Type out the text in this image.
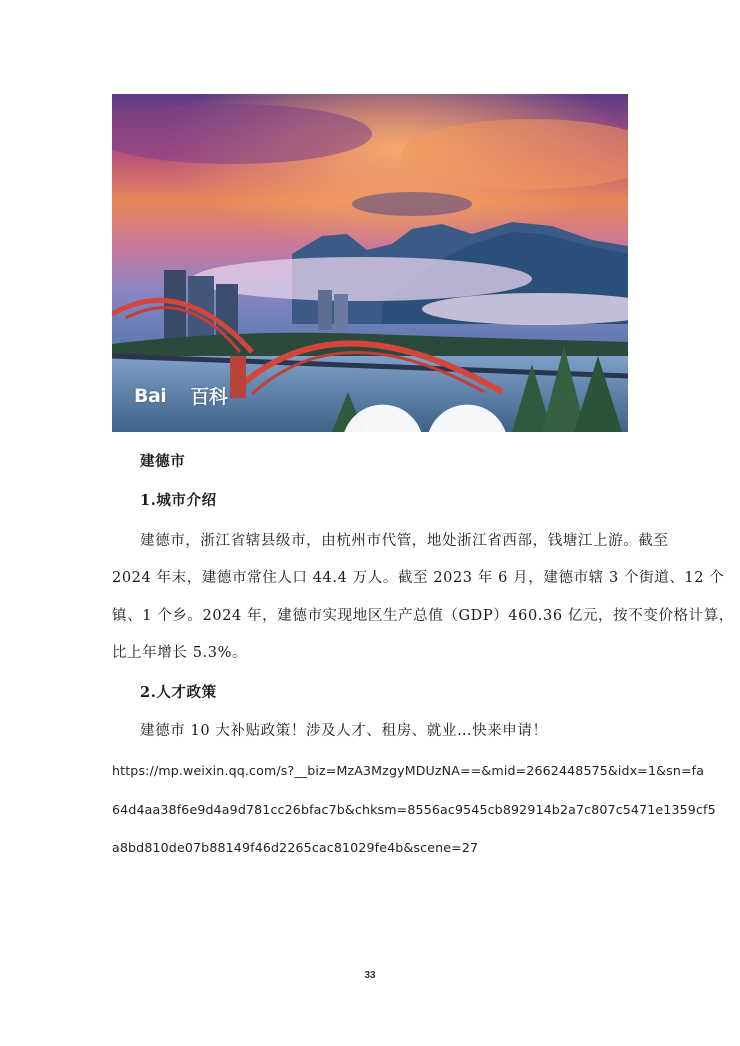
Bai 百科
建德市
1.城市介绍
建德市，浙江省辖县级市，由杭州市代管，地处浙江省西部，钱塘江上游。截至
2024 年末，建德市常住人口 44.4 万人。截至 2023 年 6 月，建德市辖 3 个街道、12 个
镇、1 个乡。2024 年，建德市实现地区生产总值（GDP）460.36 亿元，按不变价格计算，
比上年增长 5.3%。
2.人才政策
建德市 10 大补贴政策！涉及人才、租房、就业…快来申请！
https://mp.weixin.qq.com/s?__biz=MzA3MzgyMDUzNA==&mid=2662448575&idx=1&sn=fa
64d4aa38f6e9d4a9d781cc26bfac7b&chksm=8556ac9545cb892914b2a7c807c5471e1359cf5
a8bd810de07b88149f46d2265cac81029fe4b&scene=27
33
